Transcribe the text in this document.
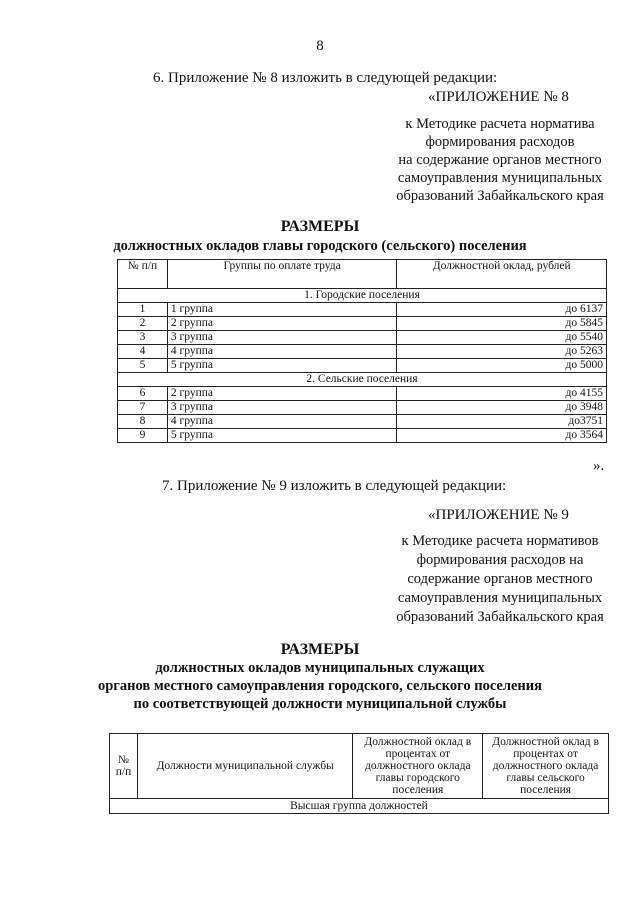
8
6. Приложение № 8 изложить в следующей редакции:
«ПРИЛОЖЕНИЕ № 8
к Методике расчета норматива
формирования расходов
на содержание органов местного
самоуправления муниципальных
образований Забайкальского края
РАЗМЕРЫ
должностных окладов главы городского (сельского) поселения
№ п/п	Группы по оплате труда	Должностной оклад, рублей
1. Городские поселения		
1	1 группа	до 6137
2	2 группа	до 5845
3	3 группа	до 5540
4	4 группа	до 5263
5	5 группа	до 5000
2. Сельские поселения		
6	2 группа	до 4155
7	3 группа	до 3948
8	4 группа	до3751
9	5 группа	до 3564
».
7. Приложение № 9 изложить в следующей редакции:
«ПРИЛОЖЕНИЕ № 9
к Методике расчета нормативов
формирования расходов на
содержание органов местного
самоуправления муниципальных
образований Забайкальского края
РАЗМЕРЫ
должностных окладов муниципальных служащих
органов местного самоуправления городского, сельского поселения
по соответствующей должности муниципальной службы
№ п/п	Должности муниципальной службы	Должностной оклад в процентах от должностного оклада главы городского поселения	Должностной оклад в процентах от должностного оклада главы сельского поселения
Высшая группа должностей
